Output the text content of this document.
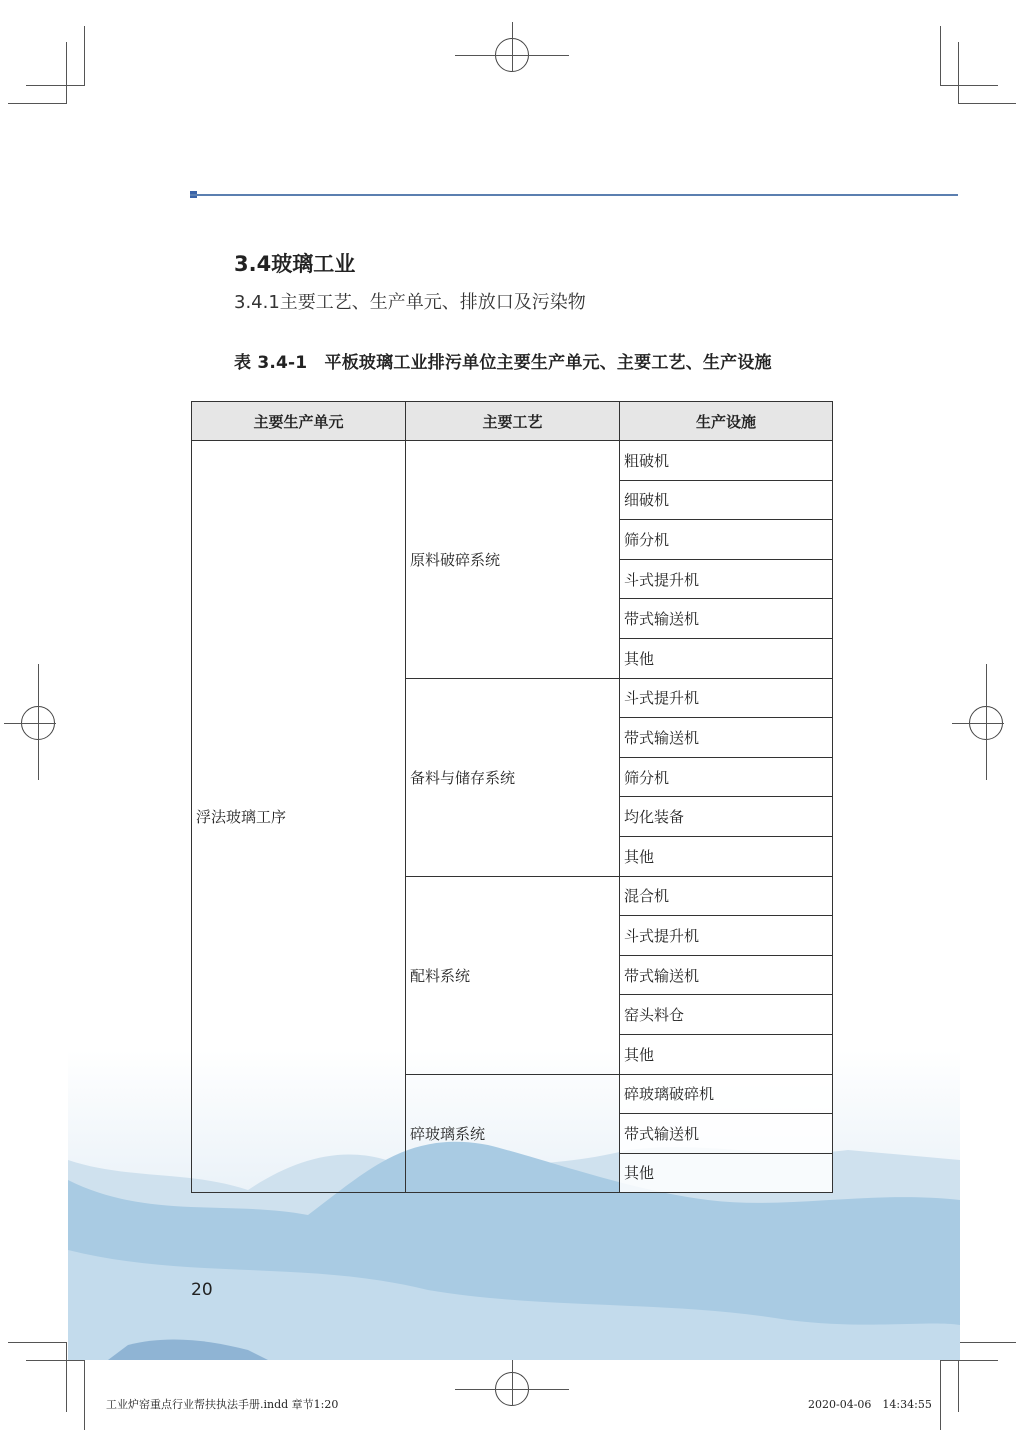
3.4玻璃工业
3.4.1主要工艺、生产单元、排放口及污染物
表 3.4-1　平板玻璃工业排污单位主要生产单元、主要工艺、生产设施
主要生产单元	主要工艺	生产设施
浮法玻璃工序	原料破碎系统	粗破机
		细破机
		筛分机
		斗式提升机
		带式输送机
		其他
	备料与储存系统	斗式提升机
		带式输送机
		筛分机
		均化装备
		其他
	配料系统	混合机
		斗式提升机
		带式输送机
		窑头料仓
		其他
	碎玻璃系统	碎玻璃破碎机
		带式输送机
		其他
20
工业炉窑重点行业帮扶执法手册.indd 章节1:20	2020-04-06　14:34:55
